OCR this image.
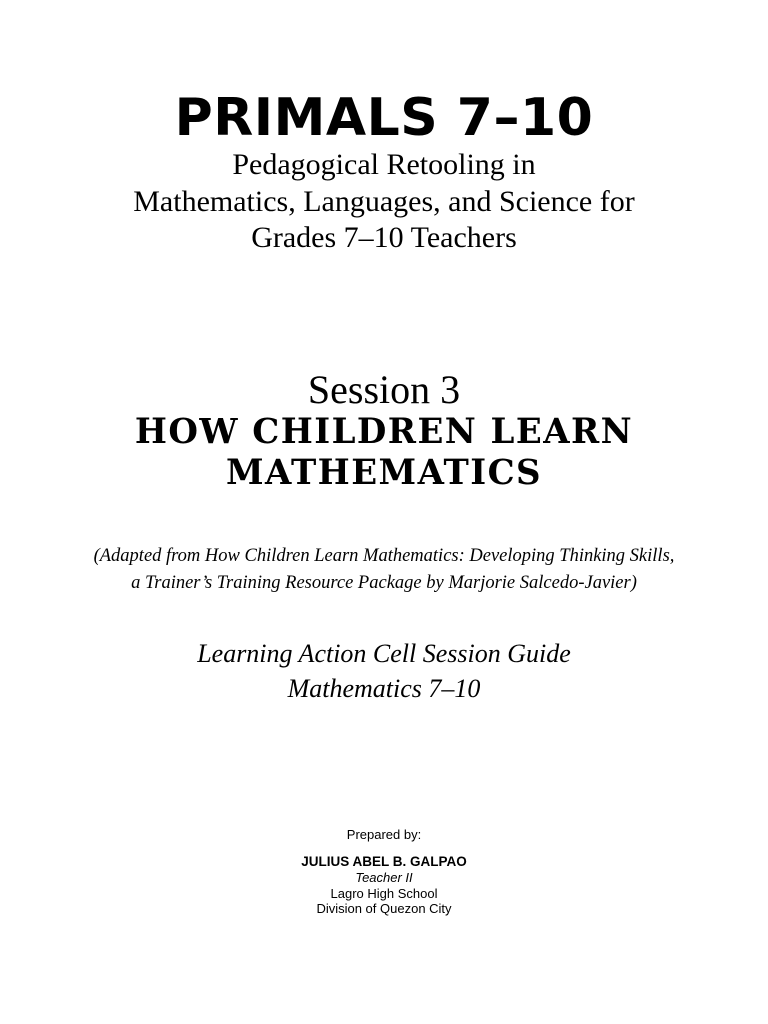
PRIMALS 7–10
Pedagogical Retooling in
Mathematics, Languages, and Science for
Grades 7–10 Teachers
Session 3
HOW CHILDREN LEARN
MATHEMATICS
(Adapted from How Children Learn Mathematics: Developing Thinking Skills,
a Trainer’s Training Resource Package by Marjorie Salcedo-Javier)
Learning Action Cell Session Guide
Mathematics 7–10
Prepared by:
JULIUS ABEL B. GALPAO
Teacher II
Lagro High School
Division of Quezon City
